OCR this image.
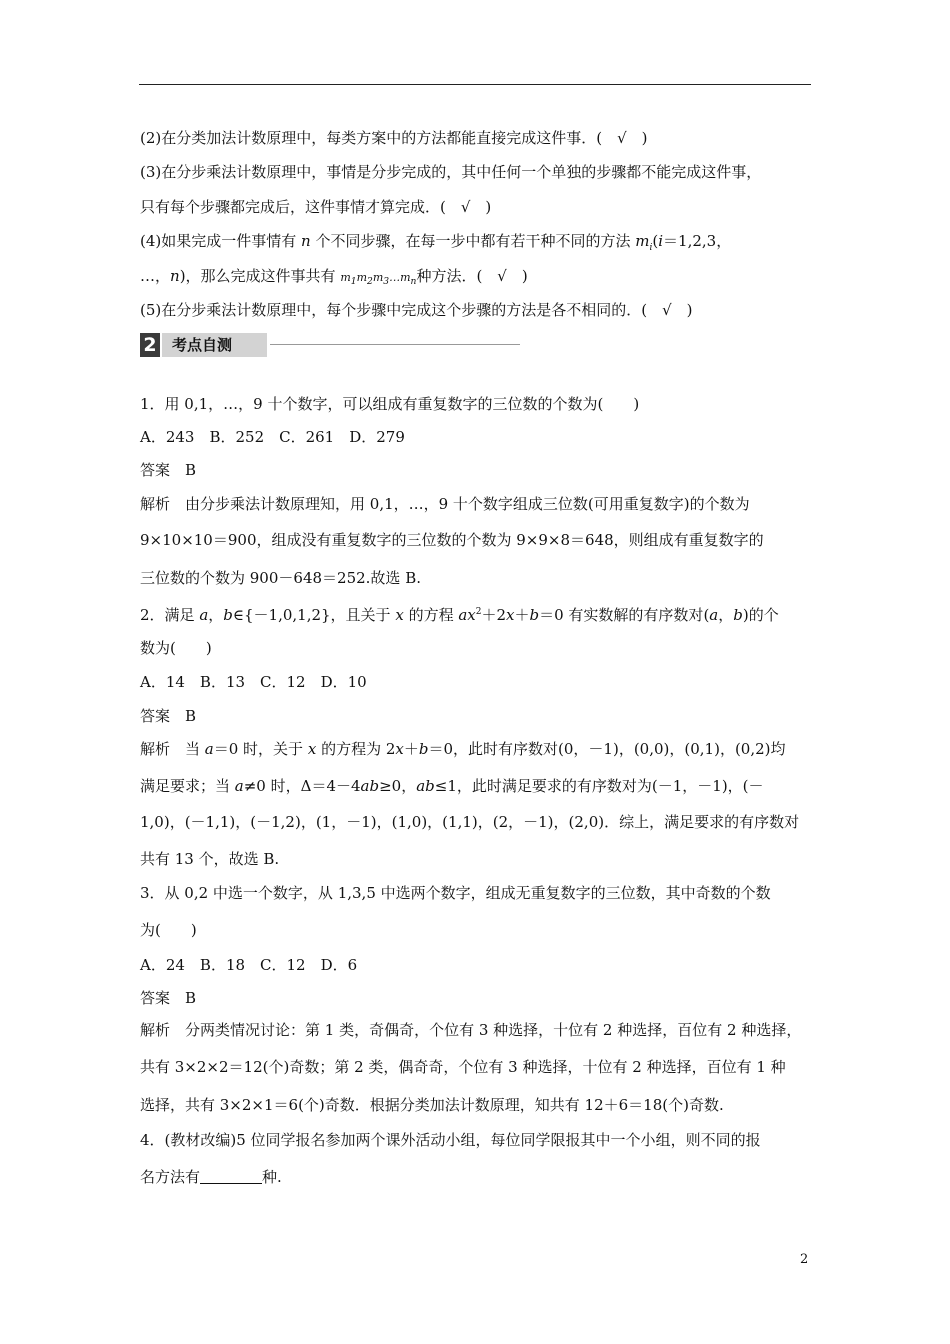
(2)在分类加法计数原理中，每类方案中的方法都能直接完成这件事．(　√　)
(3)在分步乘法计数原理中，事情是分步完成的，其中任何一个单独的步骤都不能完成这件事，
只有每个步骤都完成后，这件事情才算完成．(　√　)
(4)如果完成一件事情有 n 个不同步骤，在每一步中都有若干种不同的方法 $m_i(i=1,2,3$，
…，n)，那么完成这件事共有 $m_1m_2m_3\dots m_n$种方法．(　√　)
(5)在分步乘法计数原理中，每个步骤中完成这个步骤的方法是各不相同的．(　√　)
2	考点自测
1．用 0,1，…，9 十个数字，可以组成有重复数字的三位数的个数为(　　)
A．243　B．252　C．261　D．279
答案　B
解析　由分步乘法计数原理知，用 0,1，…，9 十个数字组成三位数(可用重复数字)的个数为
9×10×10＝900，组成没有重复数字的三位数的个数为 9×9×8＝648，则组成有重复数字的
三位数的个数为 900－648＝252.故选 B.
2．满足 a，b∈{－1,0,1,2}，且关于 x 的方程 $ax^2+2x+b=0$ 有实数解的有序数对(a，b)的个
数为(　　)
A．14　B．13　C．12　D．10
答案　B
解析　当 a＝0 时，关于 x 的方程为 2x＋b＝0，此时有序数对(0，－1)，(0,0)，(0,1)，(0,2)均
满足要求；当 a≠0 时，Δ＝4－4ab≥0，ab≤1，此时满足要求的有序数对为(－1，－1)，(－
1,0)，(－1,1)，(－1,2)，(1，－1)，(1,0)，(1,1)，(2，－1)，(2,0)．综上，满足要求的有序数对
共有 13 个，故选 B.
3．从 0,2 中选一个数字，从 1,3,5 中选两个数字，组成无重复数字的三位数，其中奇数的个数
为(　　)
A．24　B．18　C．12　D．6
答案　B
解析　分两类情况讨论：第 1 类，奇偶奇，个位有 3 种选择，十位有 2 种选择，百位有 2 种选择，
共有 3×2×2＝12(个)奇数；第 2 类，偶奇奇，个位有 3 种选择，十位有 2 种选择，百位有 1 种
选择，共有 3×2×1＝6(个)奇数．根据分类加法计数原理，知共有 12＋6＝18(个)奇数.
4．(教材改编)5 位同学报名参加两个课外活动小组，每位同学限报其中一个小组，则不同的报
名方法有	种.
2
